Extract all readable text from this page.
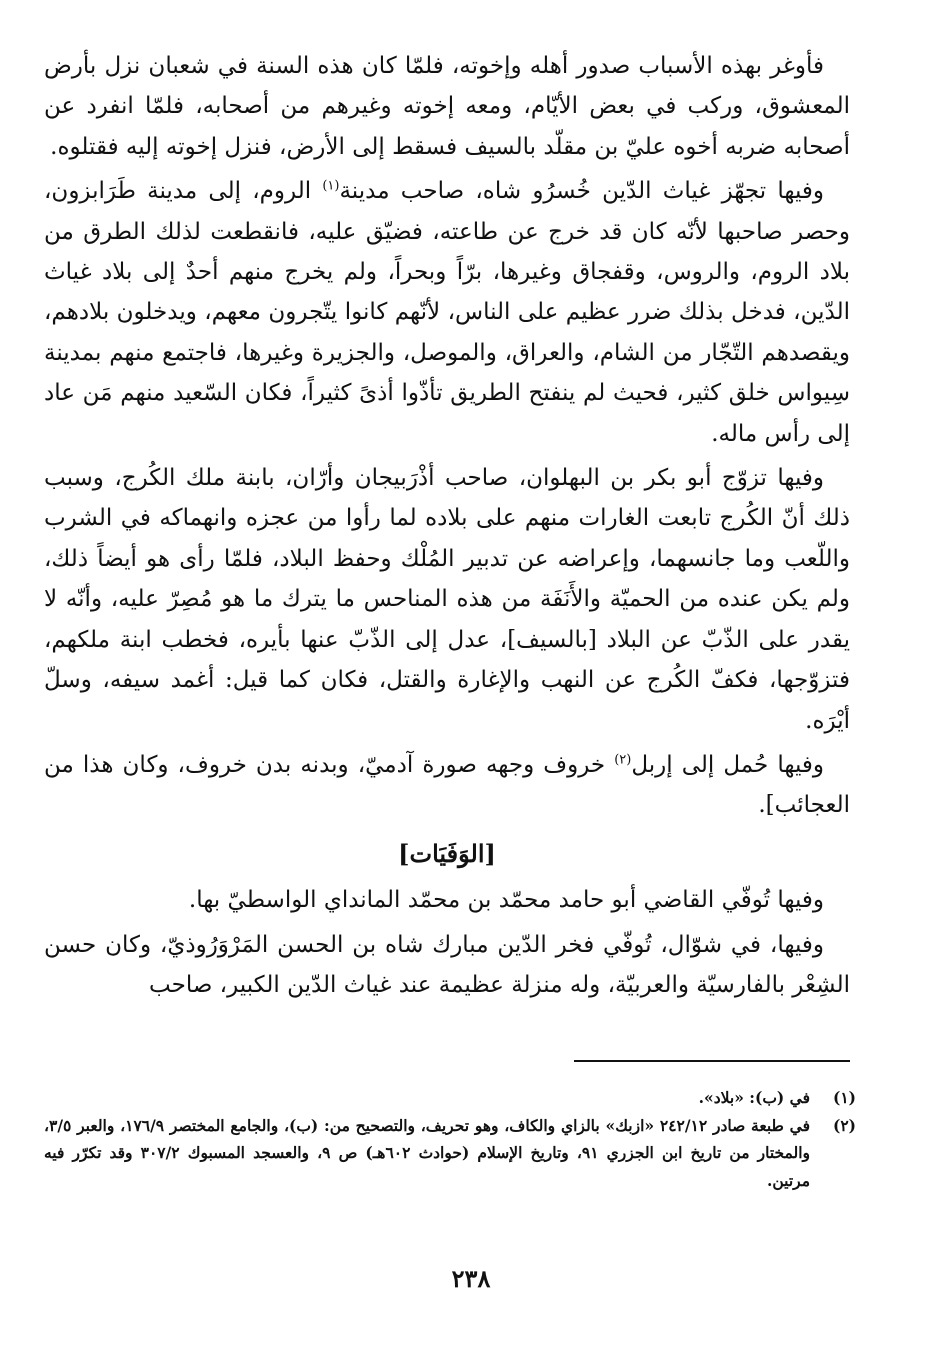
فأوغر بهذه الأسباب صدور أهله وإخوته، فلمّا كان هذه السنة في شعبان نزل بأرض المعشوق، وركب في بعض الأيّام، ومعه إخوته وغيرهم من أصحابه، فلمّا انفرد عن أصحابه ضربه أخوه عليّ بن مقلّد بالسيف فسقط إلى الأرض، فنزل إخوته إليه فقتلوه.

وفيها تجهّز غياث الدّين خُسرُو شاه، صاحب مدينة$^{(١)}$ الروم، إلى مدينة طَرَابزون، وحصر صاحبها لأنّه كان قد خرج عن طاعته، فضيّق عليه، فانقطعت لذلك الطرق من بلاد الروم، والروس، وقفجاق وغيرها، برّاً وبحراً، ولم يخرج منهم أحدٌ إلى بلاد غياث الدّين، فدخل بذلك ضرر عظيم على الناس، لأنّهم كانوا يتّجرون معهم، ويدخلون بلادهم، ويقصدهم التّجّار من الشام، والعراق، والموصل، والجزيرة وغيرها، فاجتمع منهم بمدينة سِيواس خلق كثير، فحيث لم ينفتح الطريق تأذّوا أذىً كثيراً، فكان السّعيد منهم مَن عاد إلى رأس ماله.

وفيها تزوّج أبو بكر بن البهلوان، صاحب أذْرَبيجان وأرّان، بابنة ملك الكُرج، وسبب ذلك أنّ الكُرج تابعت الغارات منهم على بلاده لما رأوا من عجزه وانهماكه في الشرب واللّعب وما جانسهما، وإعراضه عن تدبير المُلْك وحفظ البلاد، فلمّا رأى هو أيضاً ذلك، ولم يكن عنده من الحميّة والأَنَفَة من هذه المناحس ما يترك ما هو مُصِرّ عليه، وأنّه لا يقدر على الذّبّ عن البلاد [بالسيف]، عدل إلى الذّبّ عنها بأيره، فخطب ابنة ملكهم، فتزوّجها، فكفّ الكُرج عن النهب والإغارة والقتل، فكان كما قيل: أغمد سيفه، وسلّ أيْرَه.

وفيها حُمل إلى إربل$^{(٢)}$ خروف وجهه صورة آدميّ، وبدنه بدن خروف، وكان هذا من العجائب].

[الوَفَيَات]

وفيها تُوفّي القاضي أبو حامد محمّد بن محمّد المانداي الواسطيّ بها.

وفيها، في شوّال، تُوفّي فخر الدّين مبارك شاه بن الحسن المَرْوَرُوذيّ، وكان حسن الشِعْر بالفارسيّة والعربيّة، وله منزلة عظيمة عند غياث الدّين الكبير، صاحب

(١)
في (ب): «بلاد».
(٢)
في طبعة صادر ٢٤٢/١٢ «ازبك» بالزاي والكاف، وهو تحريف، والتصحيح من: (ب)، والجامع المختصر ١٧٦/٩، والعبر ٣/٥، والمختار من تاريخ ابن الجزري ٩١، وتاريخ الإسلام (حوادث ٦٠٢هـ) ص ٩، والعسجد المسبوك ٣٠٧/٢ وقد تكرّر فيه مرتين.
٢٣٨
